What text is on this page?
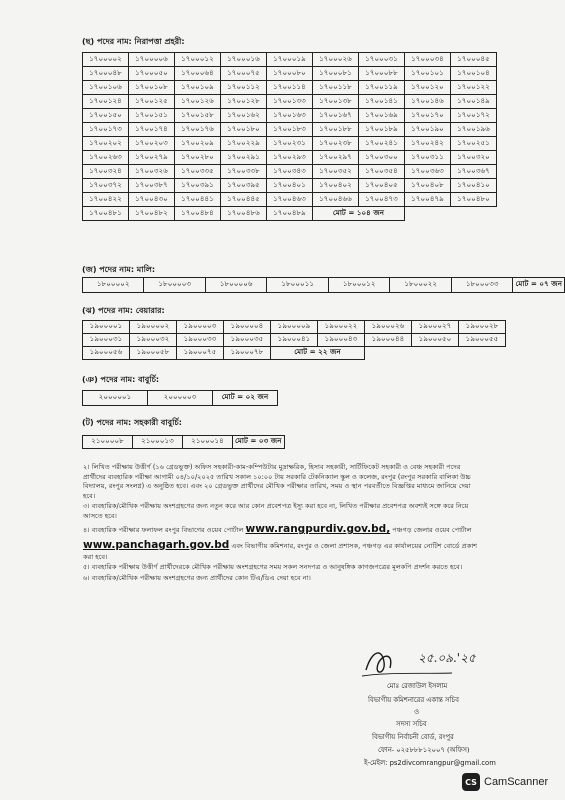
(ছ) পদের নাম: নিরাপত্তা প্রহরী:
১৭০০০০২	১৭০০০০৬	১৭০০০১২	১৭০০০১৬	১৭০০০১৯	১৭০০০২৬	১৭০০০৩১	১৭০০০৩৪	১৭০০০৪৫
১৭০০০৪৮	১৭০০০৫০	১৭০০০৬৪	১৭০০০৭৫	১৭০০০৮০	১৭০০০৮১	১৭০০০৮৮	১৭০০১০১	১৭০০১০৪
১৭০০১০৬	১৭০০১০৮	১৭০০১০৯	১৭০০১১২	১৭০০১১৪	১৭০০১১৮	১৭০০১১৯	১৭০০১২০	১৭০০১২২
১৭০০১২৪	১৭০০১২৫	১৭০০১২৬	১৭০০১২৮	১৭০০১৩৩	১৭০০১৩৮	১৭০০১৪১	১৭০০১৪৬	১৭০০১৪৯
১৭০০১৫০	১৭০০১৫১	১৭০০১৫৮	১৭০০১৬২	১৭০০১৬৩	১৭০০১৬৭	১৭০০১৬৯	১৭০০১৭০	১৭০০১৭২
১৭০০১৭৩	১৭০০১৭৪	১৭০০১৭৬	১৭০০১৮০	১৭০০১৮৩	১৭০০১৮৮	১৭০০১৮৯	১৭০০১৯০	১৭০০১৯৬
১৭০০২০২	১৭০০২০৩	১৭০০২০৯	১৭০০২২৯	১৭০০২৩১	১৭০০২৩৮	১৭০০২৪১	১৭০০২৪২	১৭০০২৫১
১৭০০২৬৩	১৭০০২৭৯	১৭০০২৮০	১৭০০২৯১	১৭০০২৯৩	১৭০০২৯৭	১৭০০৩০০	১৭০০৩১১	১৭০০৩২০
১৭০০৩২৪	১৭০০৩২৬	১৭০০৩৩৫	১৭০০৩৩৮	১৭০০৩৪৩	১৭০০৩৫২	১৭০০৩৫৪	১৭০০৩৬৩	১৭০০৩৬৭
১৭০০৩৭২	১৭০০৩৮৭	১৭০০৩৯১	১৭০০৩৯৫	১৭০০৪০১	১৭০০৪০২	১৭০০৪০৫	১৭০০৪০৮	১৭০০৪১০
১৭০০৪২২	১৭০০৪৩০	১৭০০৪৪১	১৭০০৪৪৫	১৭০০৪৬৩	১৭০০৪৬৬	১৭০০৪৭৩	১৭০০৪৭৯	১৭০০৪৮০
১৭০০৪৮১	১৭০০৪৮২	১৭০০৪৮৪	১৭০০৪৮৬	১৭০০৪৮৯	মোট = ১০৪ জন			
(জ) পদের নাম: মালি:
১৮০০০০২	১৮০০০০৩	১৮০০০০৬	১৮০০০১১	১৮০০০১২	১৮০০০২২	১৮০০০৩৩	মোট = ০৭ জন
(ঝ) পদের নাম: বেয়ারার:
১৯০০০০১	১৯০০০০২	১৯০০০০৩	১৯০০০০৪	১৯০০০০৯	১৯০০০২২	১৯০০০২৬	১৯০০০২৭	১৯০০০২৮
১৯০০০৩১	১৯০০০৩২	১৯০০০৩৩	১৯০০০৩৫	১৯০০০৪১	১৯০০০৪৩	১৯০০০৪৪	১৯০০০৫০	১৯০০০৫৫
১৯০০০৫৬	১৯০০০৫৮	১৯০০০৭৫	১৯০০০৭৮	মোট = ২২ জন				
(ঞ) পদের নাম: বাবুর্চি:
২০০০০০১	২০০০০০৩	মোট = ০২ জন
(ট) পদের নাম: সহকারী বাবুর্চি:
২১০০০০৮	২১০০০১৩	২১০০০১৪	মোট = ০৩ জন

২। লিখিত পরীক্ষায় উত্তীর্ণ (১৬ গ্রেডভুক্ত) অফিস সহকারী-কাম-কম্পিউটার মুদ্রাক্ষরিক, হিসাব সহকারী, সার্টিফিকেট সহকারী ও বেঞ্চ সহকারী পদের প্রার্থীদের ব্যবহারিক পরীক্ষা আগামী ০৪/১০/২০২৫ তারিখ সকাল ১০:০০ টায় সরকারি টেকনিক্যাল স্কুল ও কলেজ, রংপুর (রংপুর সরকারি বালিকা উচ্চ বিদ্যালয়, রংপুর সংলগ্ন) এ অনুষ্ঠিত হবে। এবং ২০ গ্রেডভুক্ত প্রার্থীদের মৌখিক পরীক্ষার তারিখ, সময় ও স্থান পরবর্তীতে বিজ্ঞপ্তির মাধ্যমে জানিয়ে দেয়া হবে।

৩। ব্যবহারিক/মৌখিক পরীক্ষায় অংশগ্রহণের জন্য নতুন করে আর কোন প্রবেশপত্র ইস্যু করা হবে না, লিখিত পরীক্ষার প্রবেশপত্র অবশ্যই সঙ্গে করে নিয়ে আসতে হবে।

৪। ব্যবহারিক পরীক্ষার ফলাফল রংপুর বিভাগের ওয়েব পোর্টাল www.rangpurdiv.gov.bd, পঞ্চগড় জেলার ওয়েব পোর্টাল www.panchagarh.gov.bd এবং বিভাগীয় কমিশনার, রংপুর ও জেলা প্রশাসক, পঞ্চগড় এর কার্যালয়ের নোটিশ বোর্ডে প্রকাশ করা হবে।

৫। ব্যবহারিক পরীক্ষায় উত্তীর্ণ প্রার্থীদেরকে মৌখিক পরীক্ষায় অংশগ্রহণের সময় সকল সনদপত্র ও আনুষঙ্গিক কাগজপত্রের মূলকপি প্রদর্শন করতে হবে।

৬। ব্যবহারিক/মৌখিক পরীক্ষায় অংশগ্রহণের জন্য প্রার্থীদের কোন টিএ/ডিএ দেয়া হবে না।

২৫.০৯.'২৫
মোঃ রেজাউল ইসলাম
বিভাগীয় কমিশনারের একান্ত সচিব
ও
সদস্য সচিব
বিভাগীয় নির্বাচনী বোর্ড, রংপুর
ফোন- ০২৫৮৮৮১২০০৭ (অফিস)
ই-মেইল: ps2divcomrangpur@gmail.com
CS CamScanner
